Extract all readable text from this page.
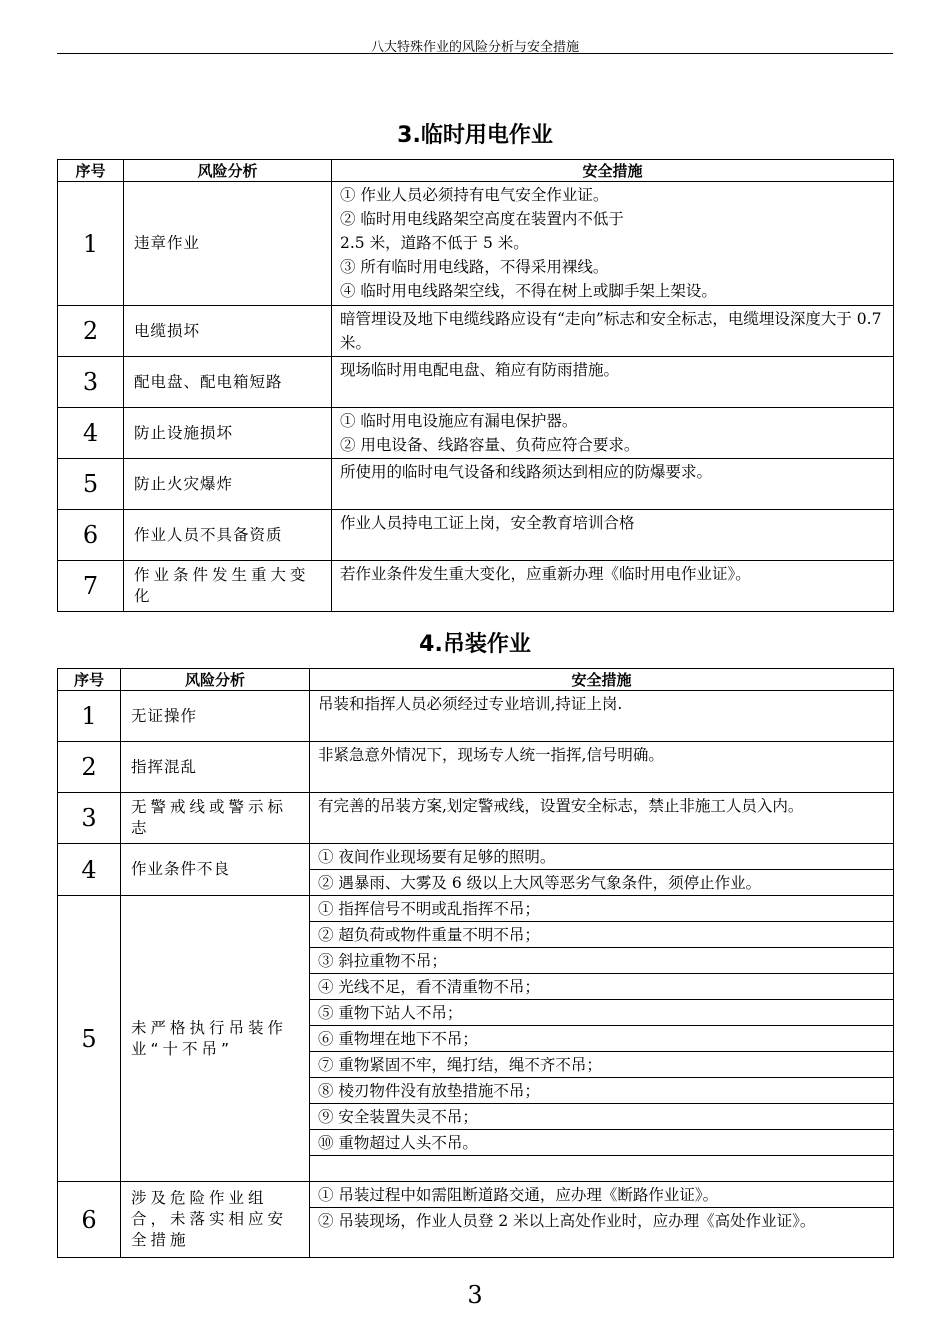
八大特殊作业的风险分析与安全措施
3.临时用电作业
序号	风险分析	安全措施
1	违章作业	① 作业人员必须持有电气安全作业证。
② 临时用电线路架空高度在装置内不低于
2.5 米，道路不低于 5 米。
③ 所有临时用电线路，不得采用裸线。
④ 临时用电线路架空线，不得在树上或脚手架上架设。

2	电缆损坏	暗管埋设及地下电缆线路应设有“走向”标志和安全标志，电缆埋设深度大于 0.7 米。

3	配电盘、配电箱短路	现场临时用电配电盘、箱应有防雨措施。

4	防止设施损坏	① 临时用电设施应有漏电保护器。
② 用电设备、线路容量、负荷应符合要求。

5	防止火灾爆炸	所使用的临时电气设备和线路须达到相应的防爆要求。

6	作业人员不具备资质	作业人员持电工证上岗，安全教育培训合格

7	作业条件发生重大变化	若作业条件发生重大变化，应重新办理《临时用电作业证》。
4.吊装作业
序号	风险分析	安全措施
1	无证操作	吊装和指挥人员必须经过专业培训,持证上岗.

2	指挥混乱	非紧急意外情况下，现场专人统一指挥,信号明确。

3	无警戒线或警示标志	有完善的吊装方案,划定警戒线，设置安全标志，禁止非施工人员入内。

4	作业条件不良	① 夜间作业现场要有足够的照明。

		② 遇暴雨、大雾及 6 级以上大风等恶劣气象条件，须停止作业。

5	未严格执行吊装作业“十不吊”	① 指挥信号不明或乱指挥不吊；

		② 超负荷或物件重量不明不吊；

		③ 斜拉重物不吊；

		④ 光线不足，看不清重物不吊；

		⑤ 重物下站人不吊；

		⑥ 重物埋在地下不吊；

		⑦ 重物紧固不牢，绳打结，绳不齐不吊；

		⑧ 棱刃物件没有放垫措施不吊；

		⑨ 安全装置失灵不吊；

		⑩ 重物超过人头不吊。

6	涉及危险作业组合，未落实相应安全措施	① 吊装过程中如需阻断道路交通，应办理《断路作业证》。

		② 吊装现场，作业人员登 2 米以上高处作业时，应办理《高处作业证》。
3
